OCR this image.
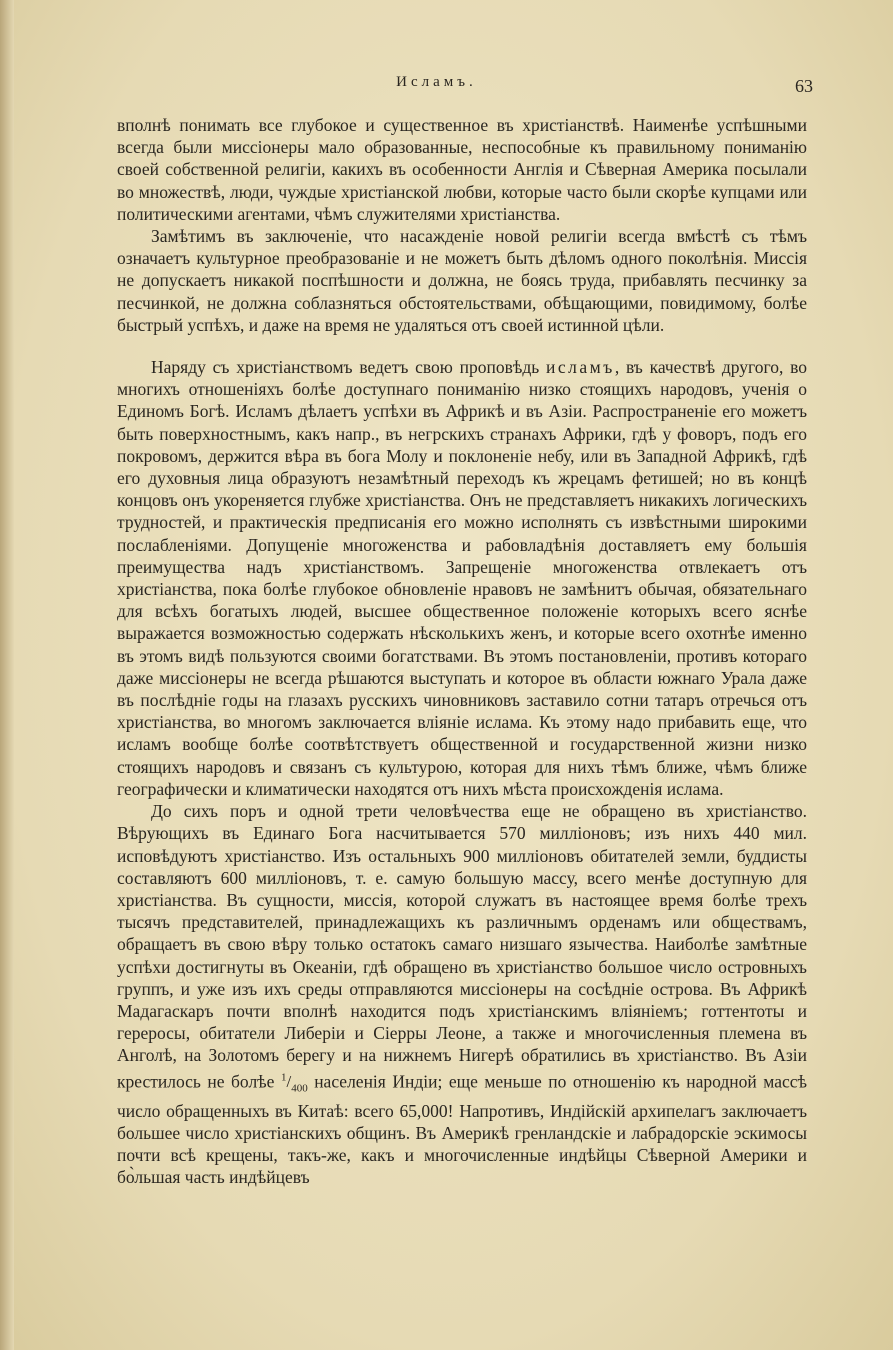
Исламъ.	63

вполнѣ понимать все глубокое и существенное въ христіанствѣ. Наименѣе успѣшными всегда были миссіонеры мало образованные, неспособные къ правильному пониманію своей собственной религіи, какихъ въ особенности Англія и Сѣверная Америка посылали во множествѣ, люди, чуждые христіанской любви, которые часто были скорѣе купцами или политическими агентами, чѣмъ служителями христіанства.

Замѣтимъ въ заключеніе, что насажденіе новой религіи всегда вмѣстѣ съ тѣмъ означаетъ культурное преобразованіе и не можетъ быть дѣломъ одного поколѣнія. Миссія не допускаетъ никакой поспѣшности и должна, не боясь труда, прибавлять песчинку за песчинкой, не должна соблазняться обстоятельствами, обѣщающими, повидимому, болѣе быстрый успѣхъ, и даже на время не удаляться отъ своей истинной цѣли.

Наряду съ христіанствомъ ведетъ свою проповѣдь исламъ, въ качествѣ другого, во многихъ отношеніяхъ болѣе доступнаго пониманію низко стоящихъ народовъ, ученія о Единомъ Богѣ. Исламъ дѣлаетъ успѣхи въ Африкѣ и въ Азіи. Распространеніе его можетъ быть поверхностнымъ, какъ напр., въ негрскихъ странахъ Африки, гдѣ у фоворъ, подъ его покровомъ, держится вѣра въ бога Молу и поклоненіе небу, или въ Западной Африкѣ, гдѣ его духовныя лица образуютъ незамѣтный переходъ къ жрецамъ фетишей; но въ концѣ концовъ онъ укореняется глубже христіанства. Онъ не представляетъ никакихъ логическихъ трудностей, и практическія предписанія его можно исполнять съ извѣстными широкими послабленіями. Допущеніе многоженства и рабовладѣнія доставляетъ ему большія преимущества надъ христіанствомъ. Запрещеніе многоженства отвлекаетъ отъ христіанства, пока болѣе глубокое обновленіе нравовъ не замѣнитъ обычая, обязательнаго для всѣхъ богатыхъ людей, высшее общественное положеніе которыхъ всего яснѣе выражается возможностью содержать нѣсколькихъ женъ, и которые всего охотнѣе именно въ этомъ видѣ пользуются своими богатствами. Въ этомъ постановленіи, противъ котораго даже миссіонеры не всегда рѣшаются выступать и которое въ области южнаго Урала даже въ послѣдніе годы на глазахъ русскихъ чиновниковъ заставило сотни татаръ отречься отъ христіанства, во многомъ заключается вліяніе ислама. Къ этому надо прибавить еще, что исламъ вообще болѣе соотвѣтствуетъ общественной и государственной жизни низко стоящихъ народовъ и связанъ съ культурою, которая для нихъ тѣмъ ближе, чѣмъ ближе географически и климатически находятся отъ нихъ мѣста происхожденія ислама.

До сихъ поръ и одной трети человѣчества еще не обращено въ христіанство. Вѣрующихъ въ Единаго Бога насчитывается 570 милліоновъ; изъ нихъ 440 мил. исповѣдуютъ христіанство. Изъ остальныхъ 900 милліоновъ обитателей земли, буддисты составляютъ 600 милліоновъ, т. е. самую большую массу, всего менѣе доступную для христіанства. Въ сущности, миссія, которой служатъ въ настоящее время болѣе трехъ тысячъ представителей, принадлежащихъ къ различнымъ орденамъ или обществамъ, обращаетъ въ свою вѣру только остатокъ самаго низшаго язычества. Наиболѣе замѣтные успѣхи достигнуты въ Океаніи, гдѣ обращено въ христіанство большое число островныхъ группъ, и уже изъ ихъ среды отправляются миссіонеры на сосѣдніе острова. Въ Африкѣ Мадагаскаръ почти вполнѣ находится подъ христіанскимъ вліяніемъ; готтентоты и гереросы, обитатели Либеріи и Сіерры Леоне, а также и многочисленныя племена въ Анголѣ, на Золотомъ берегу и на нижнемъ Нигерѣ обратились въ христіанство. Въ Азіи крестилось не болѣе $^1/_{400}$ населенія Индіи; еще меньше по отношенію къ народной массѣ число обращенныхъ въ Китаѣ: всего 65,000! Напротивъ, Индійскій архипелагъ заключаетъ большее число христіанскихъ общинъ. Въ Америкѣ гренландскіе и лабрадорскіе эскимосы почти всѣ крещены, такъ-же, какъ и многочисленные индѣйцы Сѣверной Америки и бо̀льшая часть индѣйцевъ
